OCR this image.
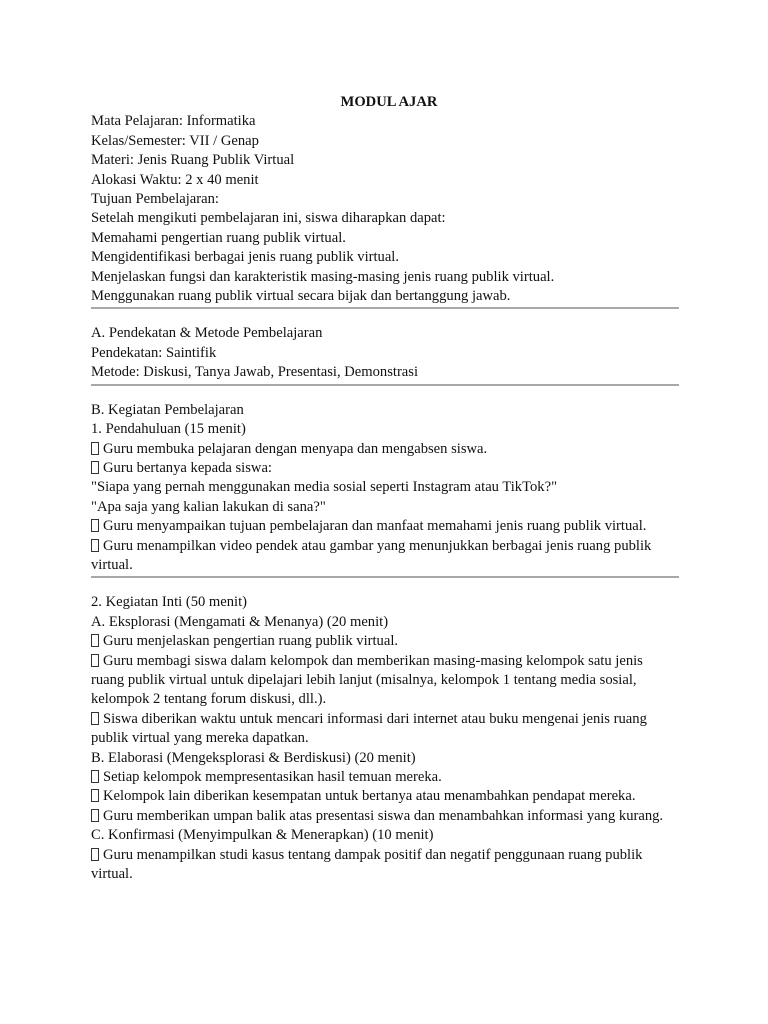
MODUL AJAR
Mata Pelajaran: Informatika
Kelas/Semester: VII / Genap
Materi: Jenis Ruang Publik Virtual
Alokasi Waktu: 2 x 40 menit
Tujuan Pembelajaran:
Setelah mengikuti pembelajaran ini, siswa diharapkan dapat:
Memahami pengertian ruang publik virtual.
Mengidentifikasi berbagai jenis ruang publik virtual.
Menjelaskan fungsi dan karakteristik masing-masing jenis ruang publik virtual.
Menggunakan ruang publik virtual secara bijak dan bertanggung jawab.
A. Pendekatan & Metode Pembelajaran
Pendekatan: Saintifik
Metode: Diskusi, Tanya Jawab, Presentasi, Demonstrasi
B. Kegiatan Pembelajaran
1. Pendahuluan (15 menit)
Guru membuka pelajaran dengan menyapa dan mengabsen siswa.
Guru bertanya kepada siswa:
"Siapa yang pernah menggunakan media sosial seperti Instagram atau TikTok?"
"Apa saja yang kalian lakukan di sana?"
Guru menyampaikan tujuan pembelajaran dan manfaat memahami jenis ruang publik virtual.
Guru menampilkan video pendek atau gambar yang menunjukkan berbagai jenis ruang publik virtual.
2. Kegiatan Inti (50 menit)
A. Eksplorasi (Mengamati & Menanya) (20 menit)
Guru menjelaskan pengertian ruang publik virtual.
Guru membagi siswa dalam kelompok dan memberikan masing-masing kelompok satu jenis ruang publik virtual untuk dipelajari lebih lanjut (misalnya, kelompok 1 tentang media sosial, kelompok 2 tentang forum diskusi, dll.).
Siswa diberikan waktu untuk mencari informasi dari internet atau buku mengenai jenis ruang publik virtual yang mereka dapatkan.
B. Elaborasi (Mengeksplorasi & Berdiskusi) (20 menit)
Setiap kelompok mempresentasikan hasil temuan mereka.
Kelompok lain diberikan kesempatan untuk bertanya atau menambahkan pendapat mereka.
Guru memberikan umpan balik atas presentasi siswa dan menambahkan informasi yang kurang.
C. Konfirmasi (Menyimpulkan & Menerapkan) (10 menit)
Guru menampilkan studi kasus tentang dampak positif dan negatif penggunaan ruang publik virtual.
